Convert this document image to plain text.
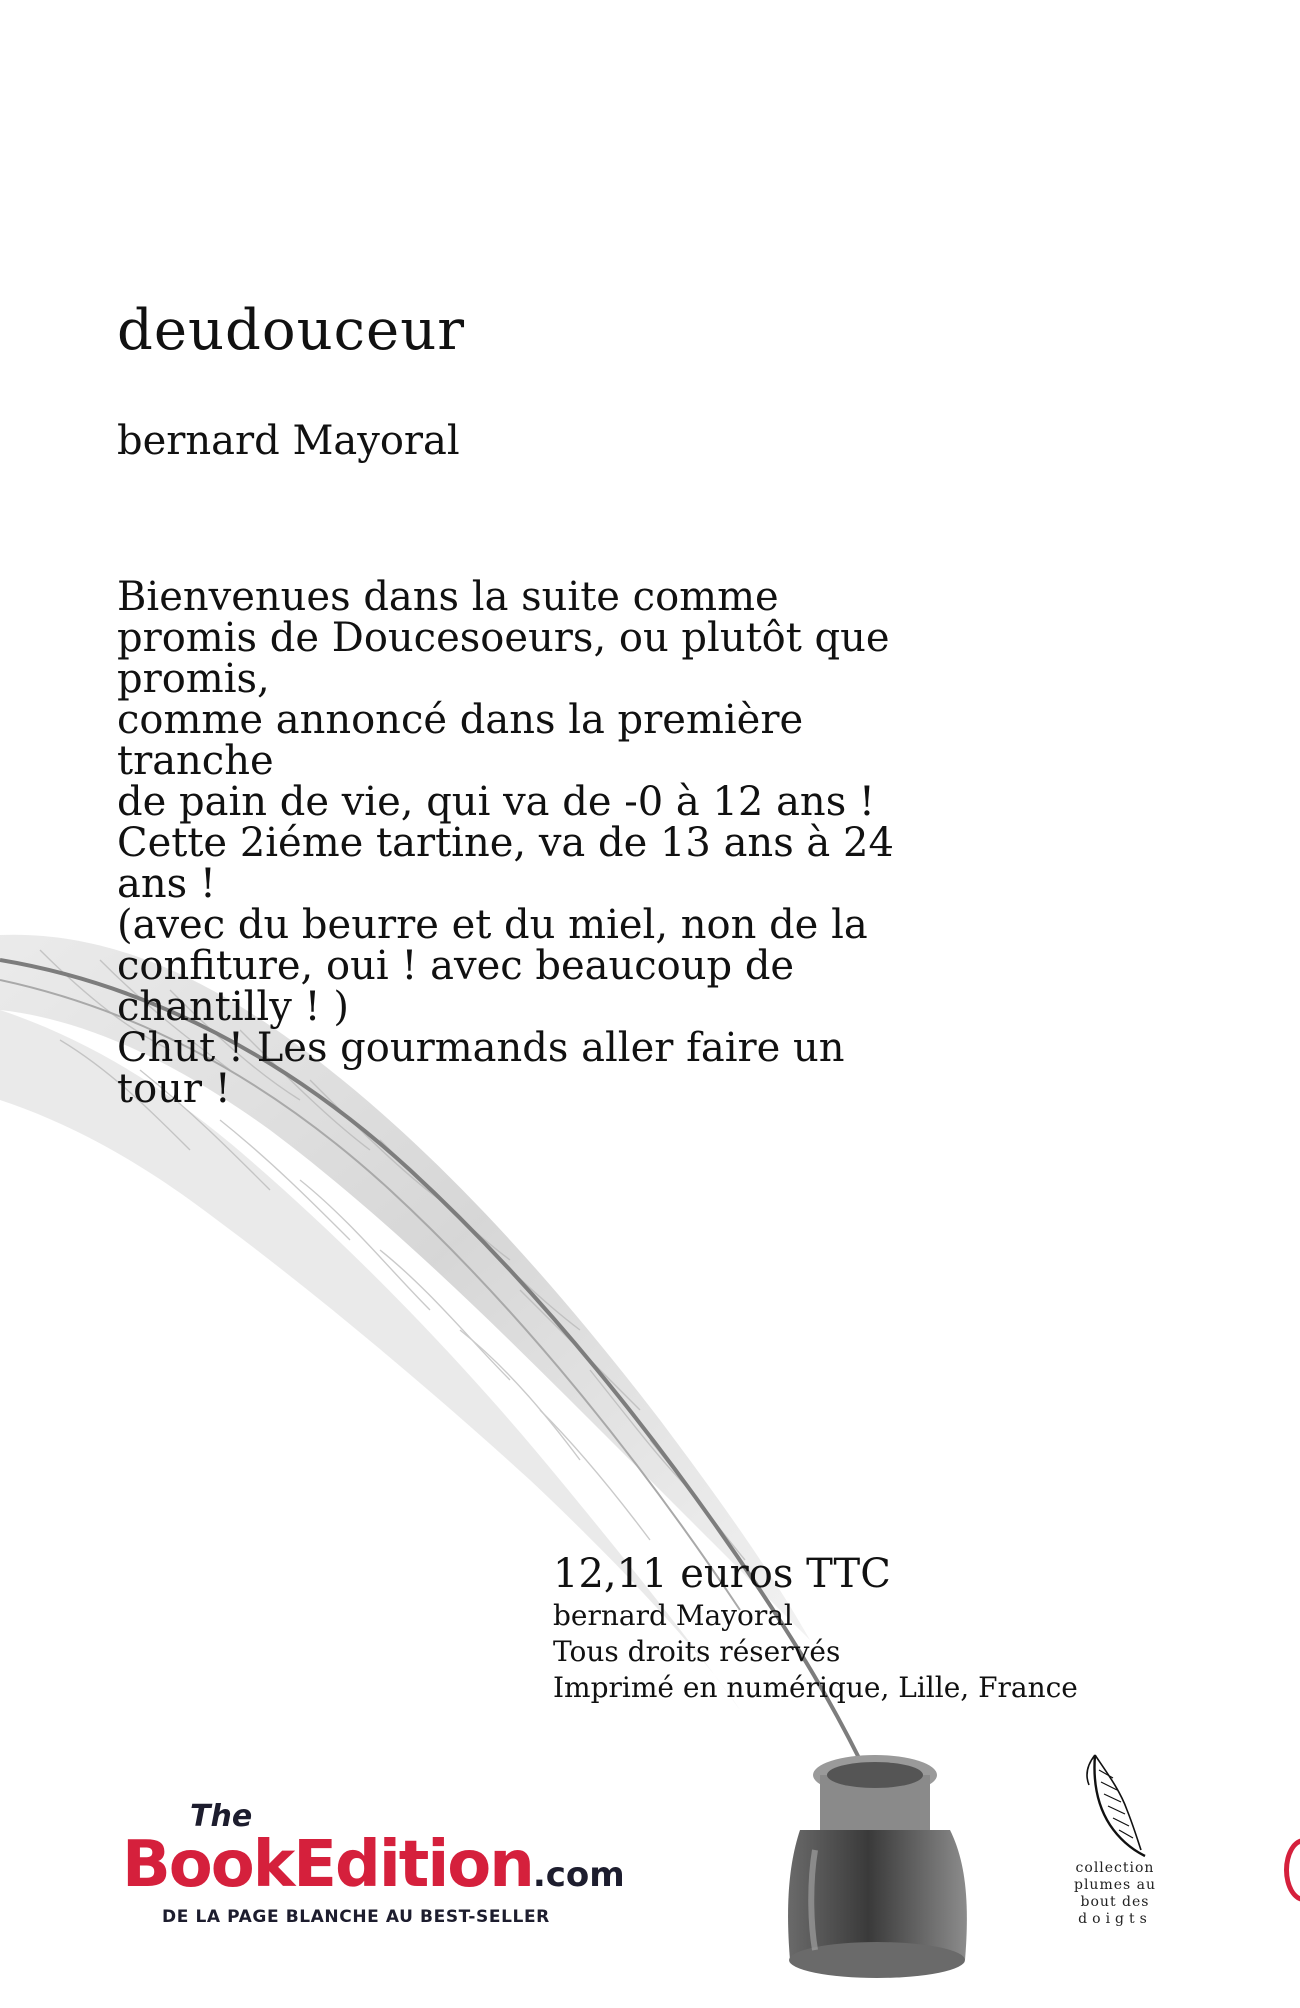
deudouceur
bernard Mayoral
Bienvenues dans la suite comme
promis de Doucesoeurs, ou plutôt que
promis,
comme annoncé dans la première
tranche
de pain de vie, qui va de -0 à 12 ans !
Cette 2iéme tartine, va de 13 ans à 24
ans !
(avec du beurre et du miel, non de la
confiture, oui ! avec beaucoup de
chantilly ! )
Chut ! Les gourmands aller faire un
tour !
12,11 euros TTC
bernard Mayoral
Tous droits réservés
Imprimé en numérique, Lille, France
The
BookEdition.com
DE LA PAGE BLANCHE AU BEST-SELLER
collection
plumes au
bout des
doigts
